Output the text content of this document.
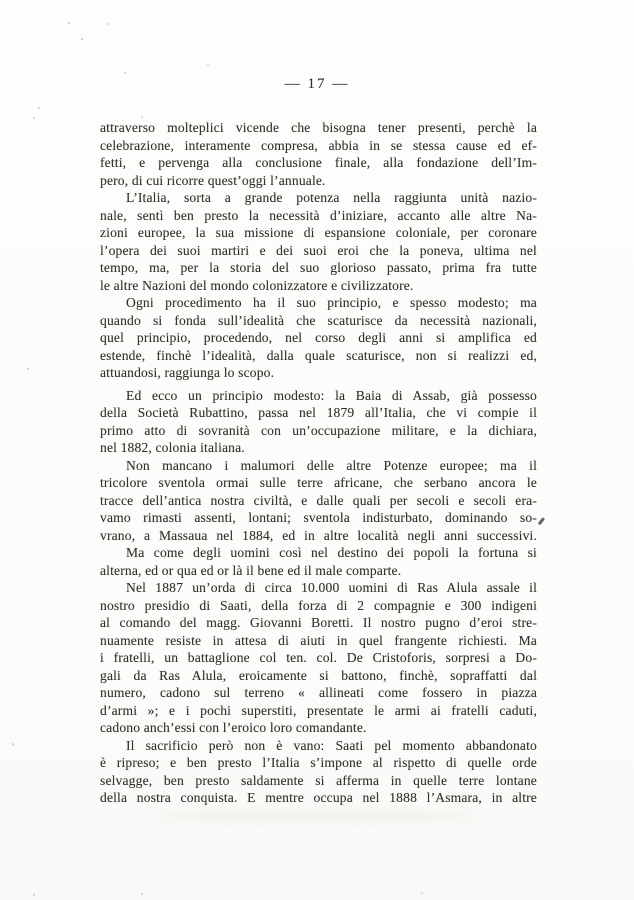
— 17 —
attraverso molteplici vicende che bisogna tener presenti, perchè la
celebrazione, interamente compresa, abbia in se stessa cause ed ef-
fetti, e pervenga alla conclusione finale, alla fondazione dell’Im-
pero, di cui ricorre quest’oggi l’annuale.
L’Italia, sorta a grande potenza nella raggiunta unità nazio-
nale, sentì ben presto la necessità d’iniziare, accanto alle altre Na-
zioni europee, la sua missione di espansione coloniale, per coronare
l’opera dei suoi martiri e dei suoi eroi che la poneva, ultima nel
tempo, ma, per la storia del suo glorioso passato, prima fra tutte
le altre Nazioni del mondo colonizzatore e civilizzatore.
Ogni procedimento ha il suo principio, e spesso modesto; ma
quando si fonda sull’idealità che scaturisce da necessità nazionali,
quel principio, procedendo, nel corso degli anni si amplifica ed
estende, finchè l’idealità, dalla quale scaturisce, non si realizzi ed,
attuandosi, raggiunga lo scopo.
Ed ecco un principio modesto: la Baia di Assab, già possesso
della Società Rubattino, passa nel 1879 all’Italia, che vi compie il
primo atto di sovranità con un’occupazione militare, e la dichiara,
nel 1882, colonia italiana.
Non mancano i malumori delle altre Potenze europee; ma il
tricolore sventola ormai sulle terre africane, che serbano ancora le
tracce dell’antica nostra civiltà, e dalle quali per secoli e secoli era-
vamo rimasti assenti, lontani; sventola indisturbato, dominando so-
vrano, a Massaua nel 1884, ed in altre località negli anni successivi.
Ma come degli uomini così nel destino dei popoli la fortuna si
alterna, ed or qua ed or là il bene ed il male comparte.
Nel 1887 un’orda di circa 10.000 uomini di Ras Alula assale il
nostro presidio di Saati, della forza di 2 compagnie e 300 indigeni
al comando del magg. Giovanni Boretti. Il nostro pugno d’eroi stre-
nuamente resiste in attesa di aiuti in quel frangente richiesti. Ma
i fratelli, un battaglione col ten. col. De Cristoforis, sorpresi a Do-
gali da Ras Alula, eroicamente si battono, finchè, sopraffatti dal
numero, cadono sul terreno « allineati come fossero in piazza
d’armi »; e i pochi superstiti, presentate le armi ai fratelli caduti,
cadono anch’essi con l’eroico loro comandante.
Il sacrificio però non è vano: Saati pel momento abbandonato
è ripreso; e ben presto l’Italia s’impone al rispetto di quelle orde
selvagge, ben presto saldamente si afferma in quelle terre lontane
della nostra conquista. E mentre occupa nel 1888 l’Asmara, in altre
